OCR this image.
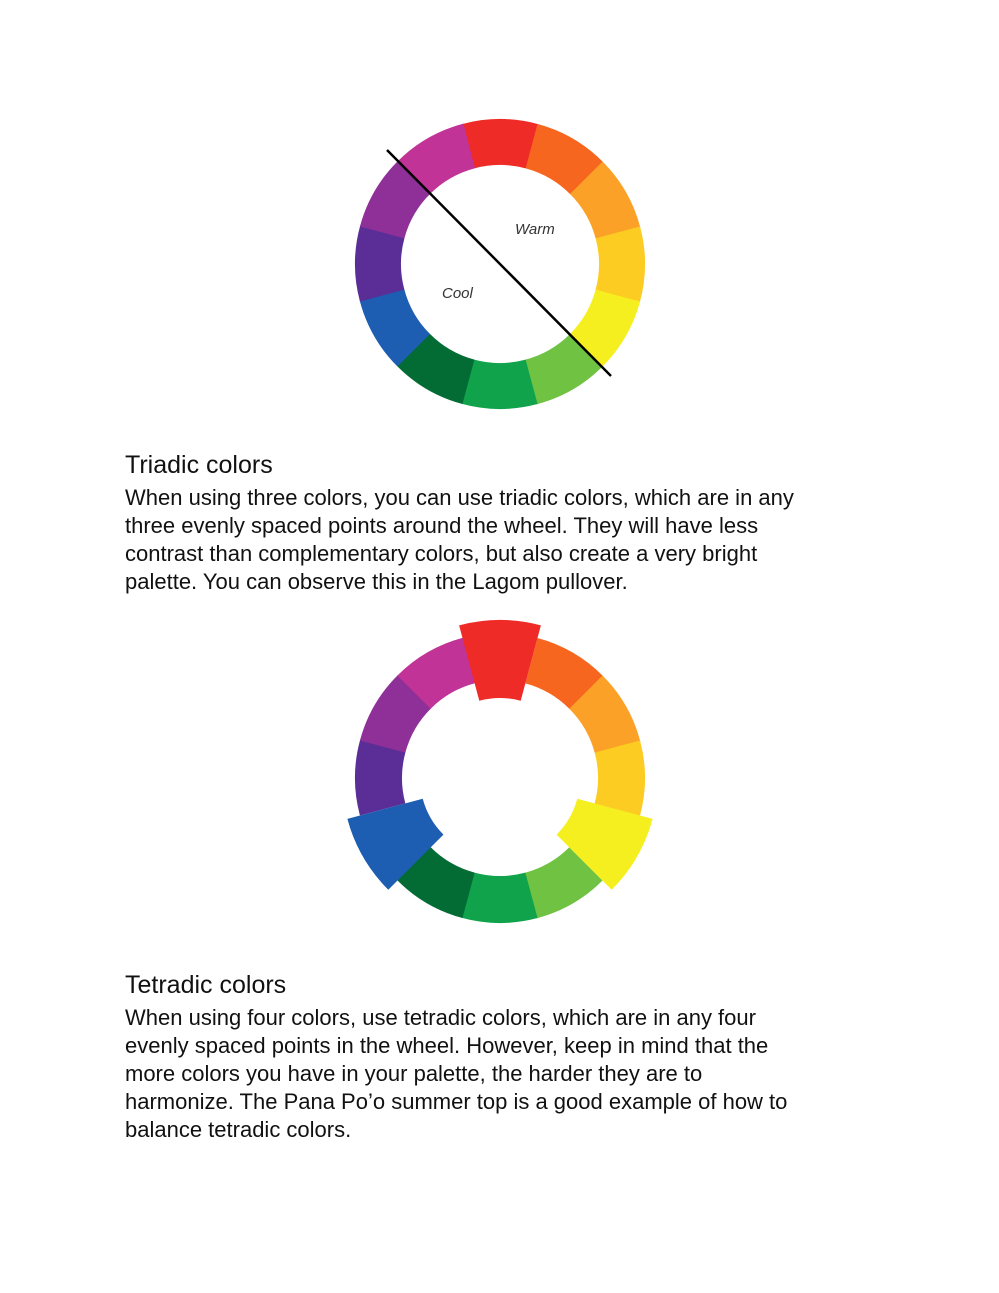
Warm
Cool
Triadic colors

When using three colors, you can use triadic colors, which are in any
three evenly spaced points around the wheel. They will have less
contrast than complementary colors, but also create a very bright
palette. You can observe this in the Lagom pullover.

Tetradic colors

When using four colors, use tetradic colors, which are in any four
evenly spaced points in the wheel. However, keep in mind that the
more colors you have in your palette, the harder they are to
harmonize. The Pana Po’o summer top is a good example of how to
balance tetradic colors.
